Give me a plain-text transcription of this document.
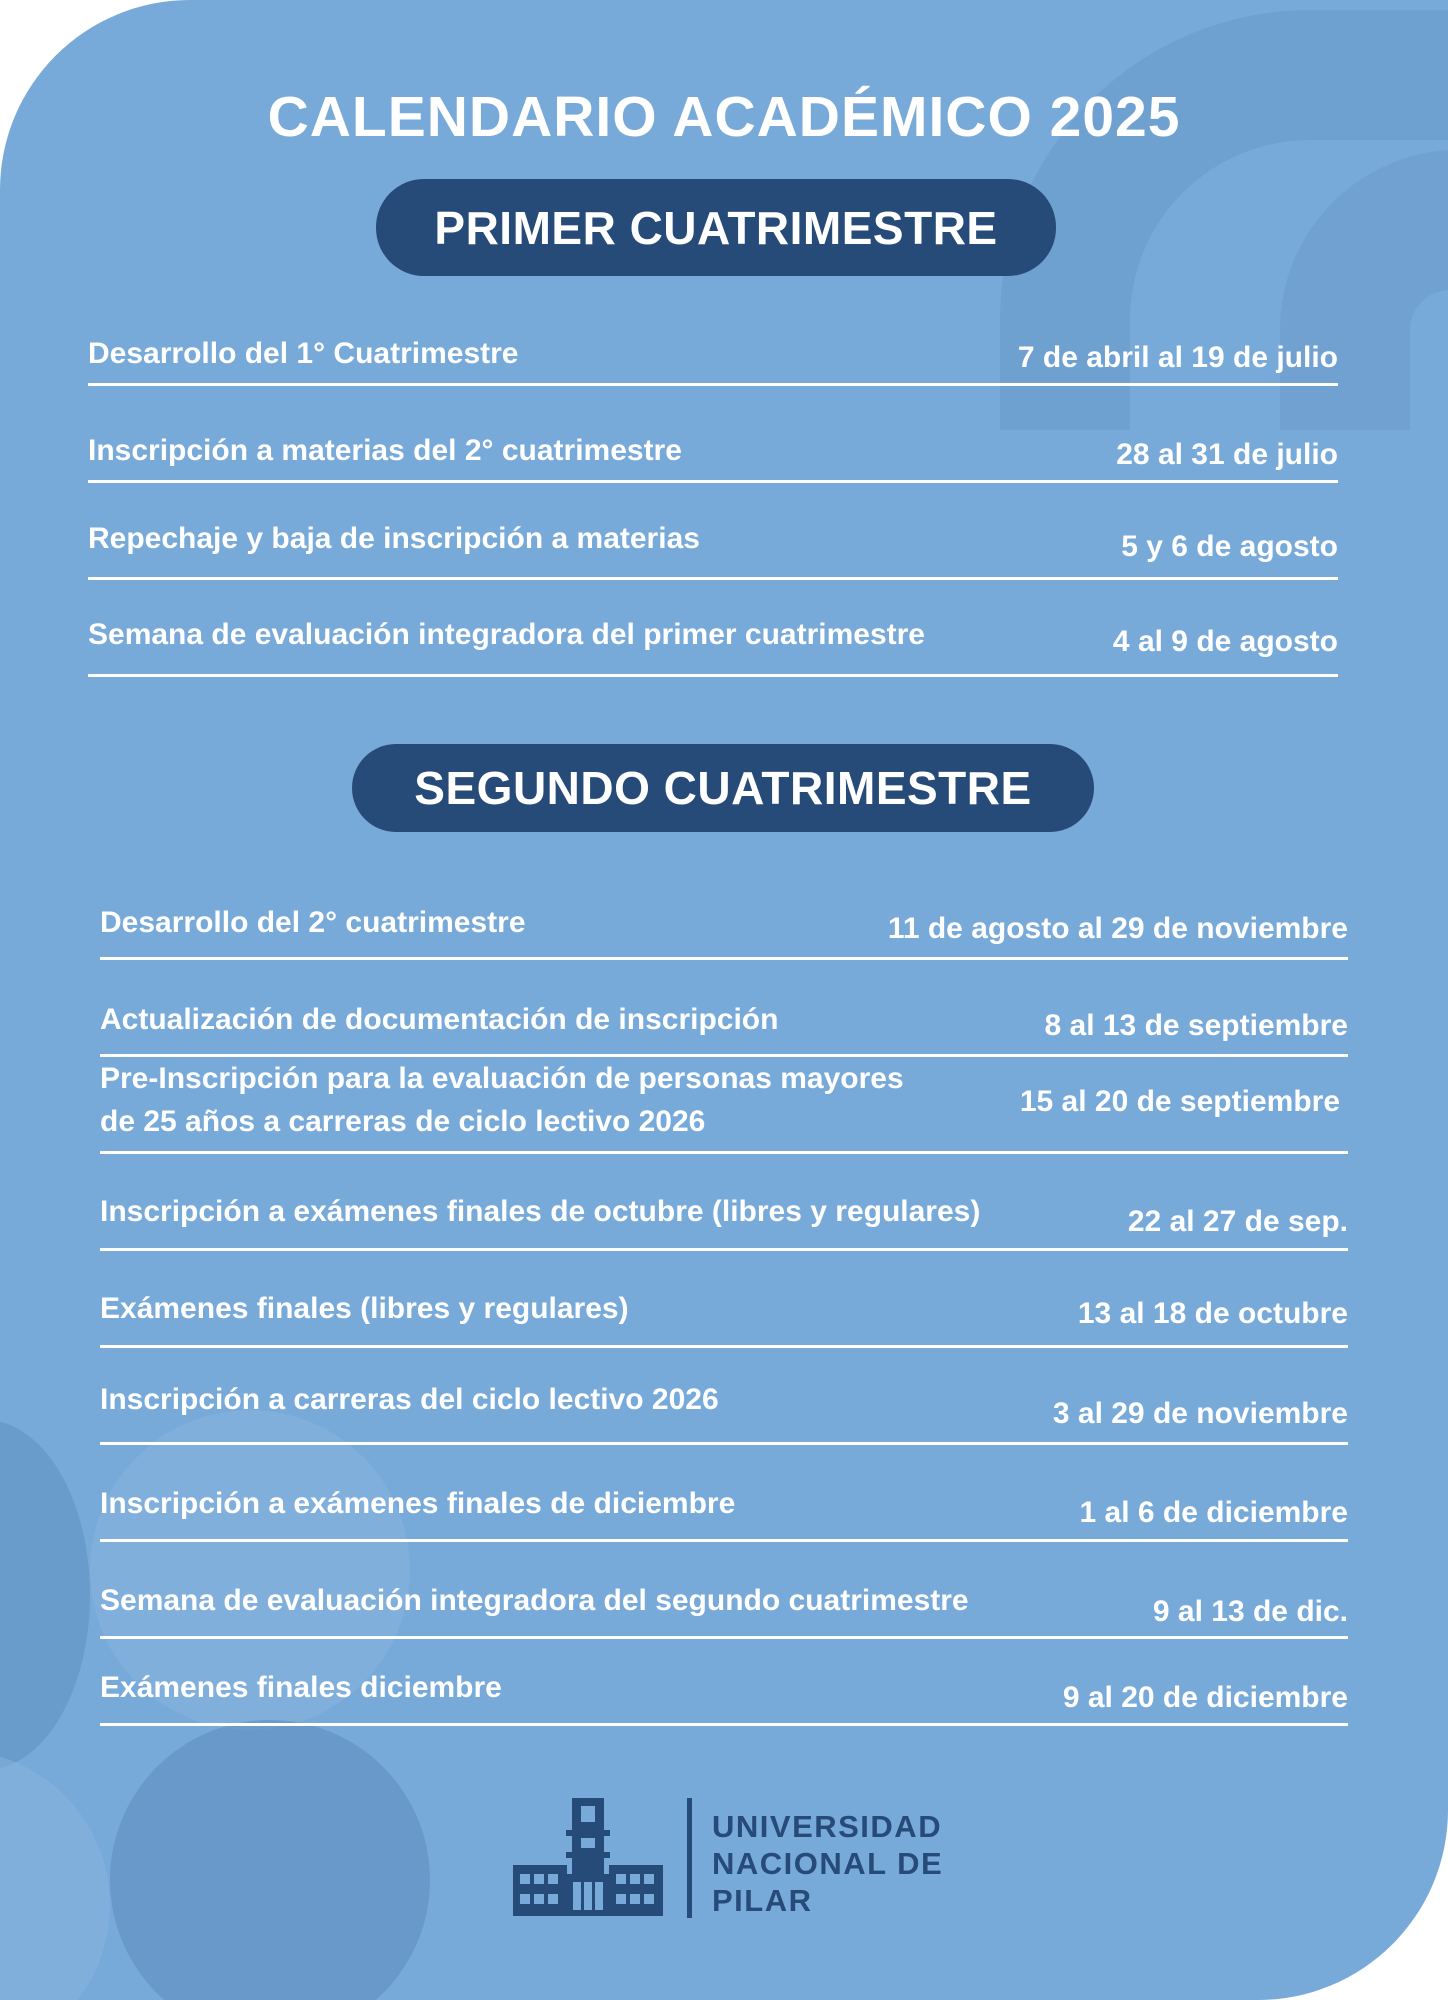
CALENDARIO ACADÉMICO 2025
PRIMER CUATRIMESTRE
Desarrollo del 1° Cuatrimestre	7 de abril al 19 de julio
Inscripción a materias del 2° cuatrimestre	28 al 31 de julio
Repechaje y baja de inscripción a materias	5 y 6 de agosto
Semana de evaluación integradora del primer cuatrimestre	4 al 9 de agosto
SEGUNDO CUATRIMESTRE
Desarrollo del 2° cuatrimestre	11 de agosto al 29 de noviembre
Actualización de documentación de inscripción	8 al 13 de septiembre
Pre-Inscripción para la evaluación de personas mayores
de 25 años a carreras de ciclo lectivo 2026
15 al 20 de septiembre
Inscripción a exámenes finales de octubre (libres y regulares)	22 al 27 de sep.
Exámenes finales (libres y regulares)	13 al 18 de octubre
Inscripción a carreras del ciclo lectivo 2026	3 al 29 de noviembre
Inscripción a exámenes finales de diciembre	1 al 6 de diciembre
Semana de evaluación integradora del segundo cuatrimestre	9 al 13 de dic.
Exámenes finales diciembre	9 al 20 de diciembre

UNIVERSIDAD
NACIONAL DE
PILAR
